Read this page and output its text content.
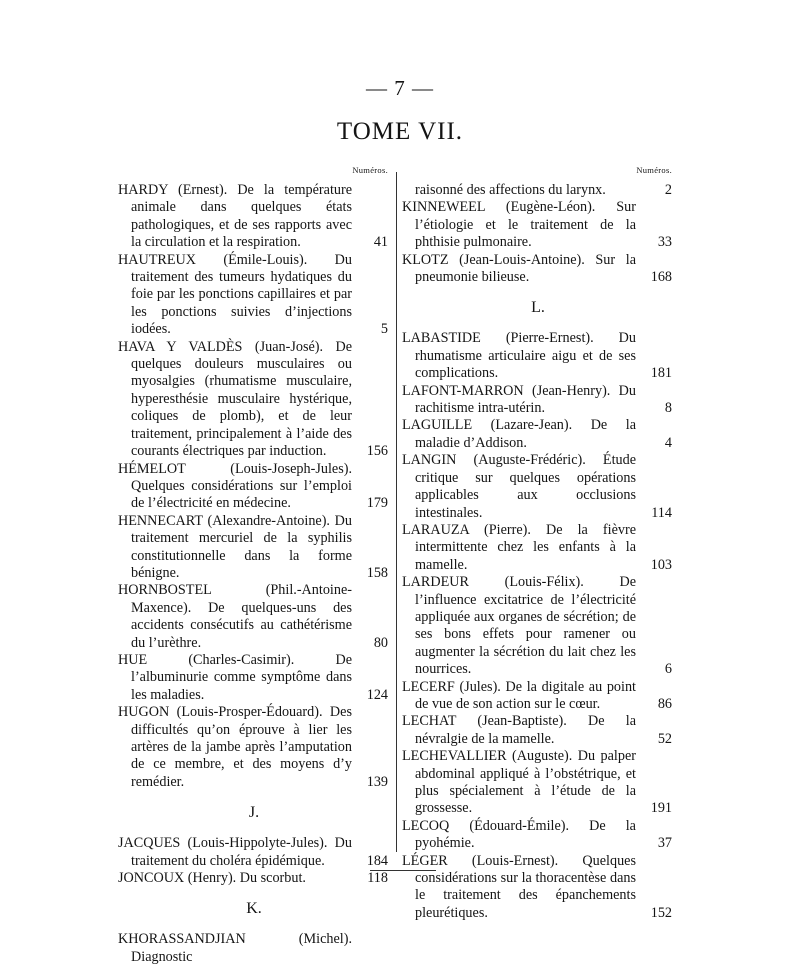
— 7 —
TOME VII.
Numéros.
HARDY (Ernest). De la température animale dans quelques états pathologiques, et de ses rapports avec la circulation et la respiration.	41
HAUTREUX (Émile-Louis). Du traitement des tumeurs hydatiques du foie par les ponctions capillaires et par les ponctions suivies d’injections iodées.	5
HAVA Y VALDÈS (Juan-José). De quelques douleurs musculaires ou myosalgies (rhumatisme musculaire, hyperesthésie musculaire hystérique, coliques de plomb), et de leur traitement, principalement à l’aide des courants électriques par induction.	156
HÉMELOT (Louis-Joseph-Jules). Quelques considérations sur l’emploi de l’électricité en médecine.	179
HENNECART (Alexandre-Antoine). Du traitement mercuriel de la syphilis constitutionnelle dans la forme bénigne.	158
HORNBOSTEL (Phil.-Antoine-Maxence). De quelques-uns des accidents consécutifs au cathétérisme du l’urèthre.	80
HUE (Charles-Casimir). De l’albuminurie comme symptôme dans les maladies.	124
HUGON (Louis-Prosper-Édouard). Des difficultés qu’on éprouve à lier les artères de la jambe après l’amputation de ce membre, et des moyens d’y remédier.	139
J.
JACQUES (Louis-Hippolyte-Jules). Du traitement du choléra épidémique.	184
JONCOUX (Henry). Du scorbut.	118
K.
KHORASSANDJIAN (Michel). Diagnostic
Numéros.
raisonné des affections du larynx.	2
KINNEWEEL (Eugène-Léon). Sur l’étiologie et le traitement de la phthisie pulmonaire.	33
KLOTZ (Jean-Louis-Antoine). Sur la pneumonie bilieuse.	168
L.
LABASTIDE (Pierre-Ernest). Du rhumatisme articulaire aigu et de ses complications.	181
LAFONT-MARRON (Jean-Henry). Du rachitisme intra-utérin.	8
LAGUILLE (Lazare-Jean). De la maladie d’Addison.	4
LANGIN (Auguste-Frédéric). Étude critique sur quelques opérations applicables aux occlusions intestinales.	114
LARAUZA (Pierre). De la fièvre intermittente chez les enfants à la mamelle.	103
LARDEUR (Louis-Félix). De l’influence excitatrice de l’électricité appliquée aux organes de sécrétion; de ses bons effets pour ramener ou augmenter la sécrétion du lait chez les nourrices.	6
LECERF (Jules). De la digitale au point de vue de son action sur le cœur.	86
LECHAT (Jean-Baptiste). De la névralgie de la mamelle.	52
LECHEVALLIER (Auguste). Du palper abdominal appliqué à l’obstétrique, et plus spécialement à l’étude de la grossesse.	191
LECOQ (Édouard-Émile). De la pyohémie.	37
LÉGER (Louis-Ernest). Quelques considérations sur la thoracentèse dans le traitement des épanchements pleurétiques.	152
